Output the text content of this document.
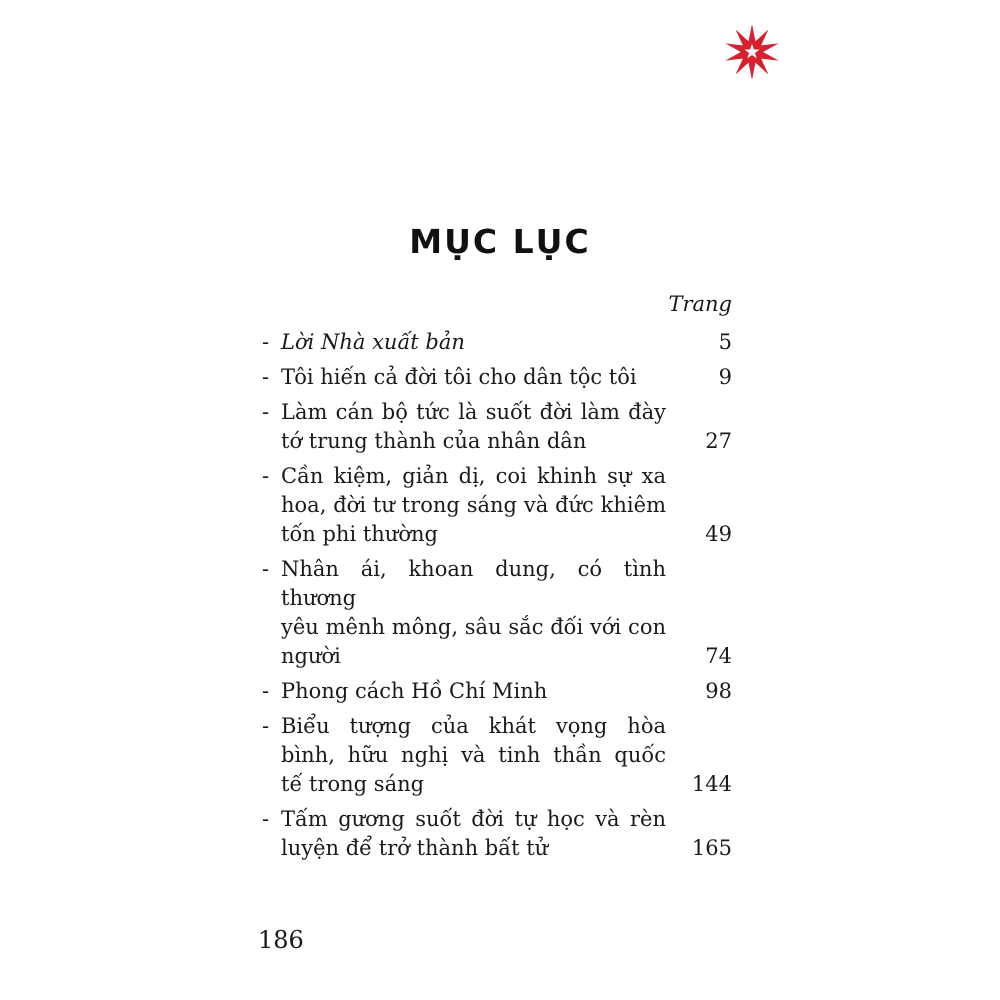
MỤC LỤC
Trang
- Lời Nhà xuất bản	5
- Tôi hiến cả đời tôi cho dân tộc tôi	9
- Làm cán bộ tức là suốt đời làm đày
tớ trung thành của nhân dân	27
- Cần kiệm, giản dị, coi khinh sự xa
hoa, đời tư trong sáng và đức khiêm
tốn phi thường	49
- Nhân ái, khoan dung, có tình thương
yêu mênh mông, sâu sắc đối với con
người	74
- Phong cách Hồ Chí Minh	98
- Biểu tượng của khát vọng hòa
bình, hữu nghị và tinh thần quốc
tế trong sáng	144
- Tấm gương suốt đời tự học và rèn
luyện để trở thành bất tử	165
186
